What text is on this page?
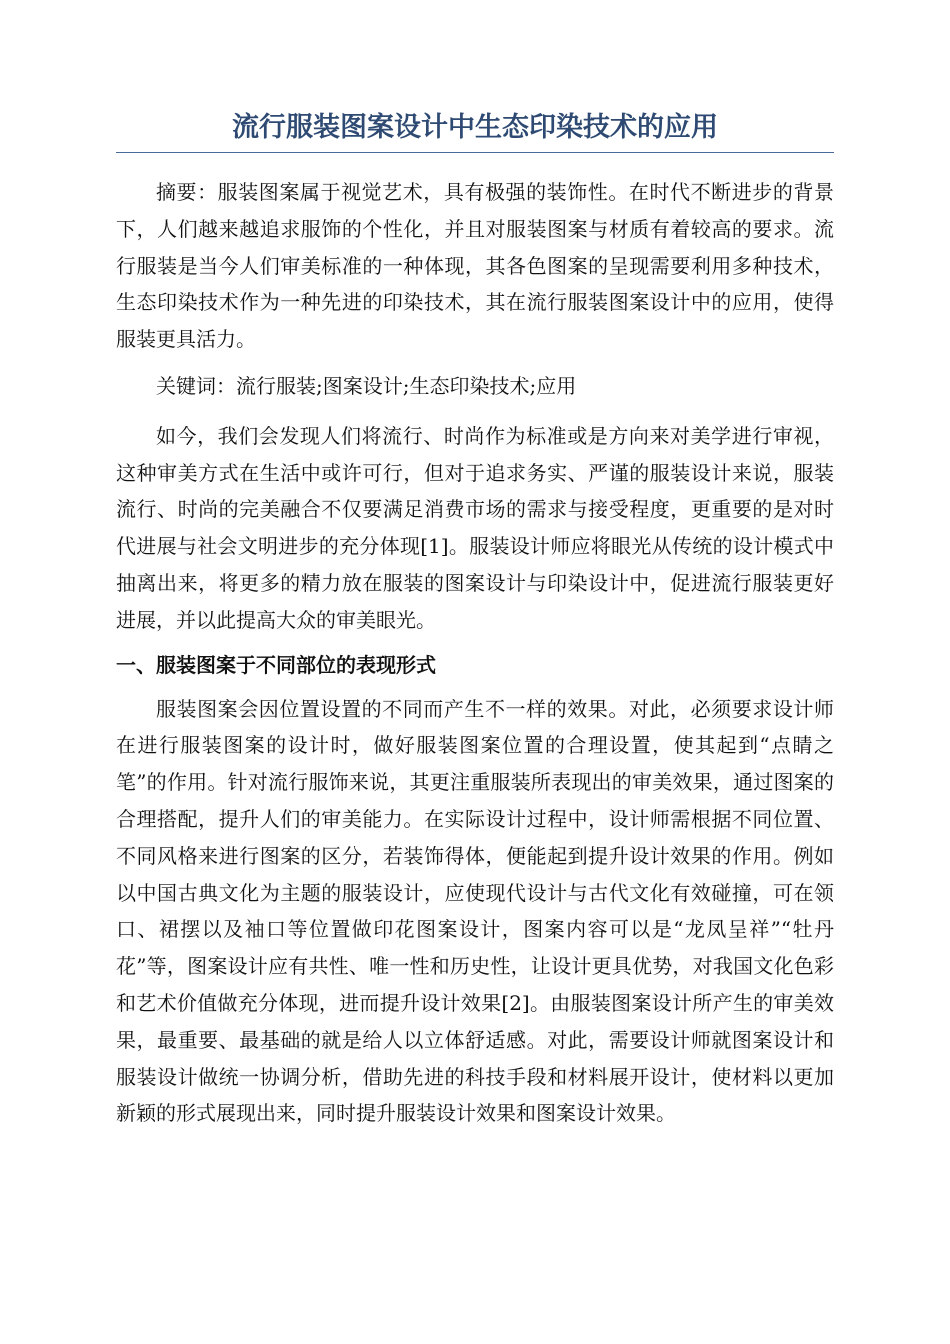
流行服装图案设计中生态印染技术的应用

摘要：服装图案属于视觉艺术，具有极强的装饰性。在时代不断进步的背景下，人们越来越追求服饰的个性化，并且对服装图案与材质有着较高的要求。流行服装是当今人们审美标准的一种体现，其各色图案的呈现需要利用多种技术，生态印染技术作为一种先进的印染技术，其在流行服装图案设计中的应用，使得服装更具活力。

关键词：流行服装;图案设计;生态印染技术;应用

如今，我们会发现人们将流行、时尚作为标准或是方向来对美学进行审视，这种审美方式在生活中或许可行，但对于追求务实、严谨的服装设计来说，服装流行、时尚的完美融合不仅要满足消费市场的需求与接受程度，更重要的是对时代进展与社会文明进步的充分体现[1]。服装设计师应将眼光从传统的设计模式中抽离出来，将更多的精力放在服装的图案设计与印染设计中，促进流行服装更好进展，并以此提高大众的审美眼光。

一、服装图案于不同部位的表现形式

服装图案会因位置设置的不同而产生不一样的效果。对此，必须要求设计师在进行服装图案的设计时，做好服装图案位置的合理设置，使其起到“点睛之笔”的作用。针对流行服饰来说，其更注重服装所表现出的审美效果，通过图案的合理搭配，提升人们的审美能力。在实际设计过程中，设计师需根据不同位置、不同风格来进行图案的区分，若装饰得体，便能起到提升设计效果的作用。例如以中国古典文化为主题的服装设计，应使现代设计与古代文化有效碰撞，可在领口、裙摆以及袖口等位置做印花图案设计，图案内容可以是“龙凤呈祥”“牡丹花”等，图案设计应有共性、唯一性和历史性，让设计更具优势，对我国文化色彩和艺术价值做充分体现，进而提升设计效果[2]。由服装图案设计所产生的审美效果，最重要、最基础的就是给人以立体舒适感。对此，需要设计师就图案设计和服装设计做统一协调分析，借助先进的科技手段和材料展开设计，使材料以更加新颖的形式展现出来，同时提升服装设计效果和图案设计效果。
